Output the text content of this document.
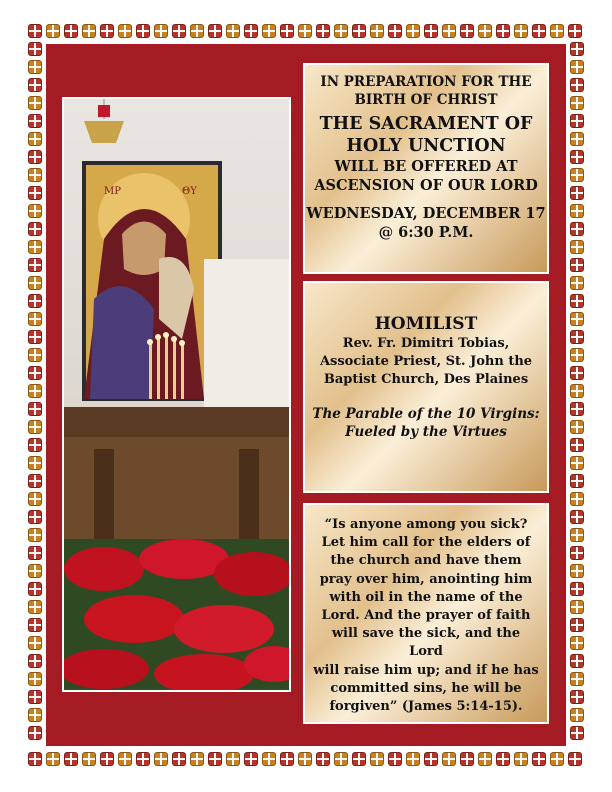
ΜΡ	ΘΥ
IN PREPARATION FOR THE
BIRTH OF CHRIST
THE SACRAMENT OF
HOLY UNCTION
WILL BE OFFERED AT
ASCENSION OF OUR LORD
WEDNESDAY, DECEMBER 17
@ 6:30 P.M.
HOMILIST
Rev. Fr. Dimitri Tobias,
Associate Priest, St. John the
Baptist Church, Des Plaines
The Parable of the 10 Virgins:
Fueled by the Virtues
“Is anyone among you sick?
Let him call for the elders of
the church and have them
pray over him, anointing him
with oil in the name of the
Lord. And the prayer of faith
will save the sick, and the Lord
will raise him up; and if he has
committed sins, he will be
forgiven” (James 5:14-15).
